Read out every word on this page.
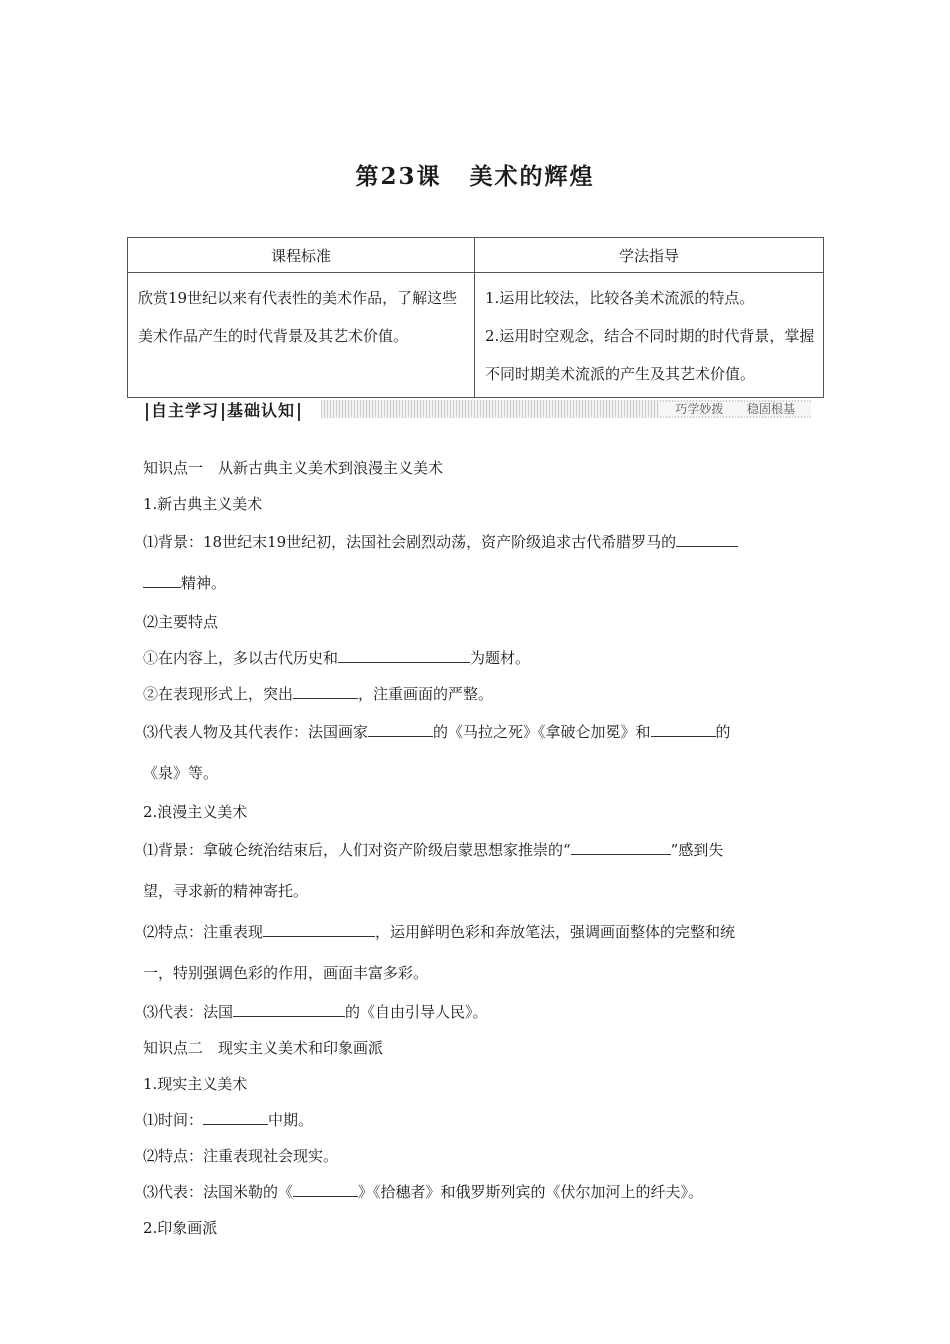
第23课 美术的辉煌
课程标准	学法指导
欣赏19世纪以来有代表性的美术作品，了解这些美术作品产生的时代背景及其艺术价值。	1.运用比较法，比较各美术流派的特点。
2.运用时空观念，结合不同时期的时代背景，掌握不同时期美术流派的产生及其艺术价值。
自主学习 基础认知	巧学妙拨 稳固根基

知识点一　从新古典主义美术到浪漫主义美术

1.新古典主义美术

⑴背景：18世纪末19世纪初，法国社会剧烈动荡，资产阶级追求古代希腊罗马的

精神。

⑵主要特点

①在内容上，多以古代历史和	为题材。

②在表现形式上，突出	，注重画面的严整。

⑶代表人物及其代表作：法国画家	的《马拉之死》《拿破仑加冕》和	的

《泉》等。

2.浪漫主义美术

⑴背景：拿破仑统治结束后，人们对资产阶级启蒙思想家推崇的“	”感到失

望，寻求新的精神寄托。

⑵特点：注重表现	，运用鲜明色彩和奔放笔法，强调画面整体的完整和统

一，特别强调色彩的作用，画面丰富多彩。

⑶代表：法国	的《自由引导人民》。

知识点二　现实主义美术和印象画派

1.现实主义美术

⑴时间：	中期。

⑵特点：注重表现社会现实。

⑶代表：法国米勒的《	》《拾穗者》和俄罗斯列宾的《伏尔加河上的纤夫》。

2.印象画派
